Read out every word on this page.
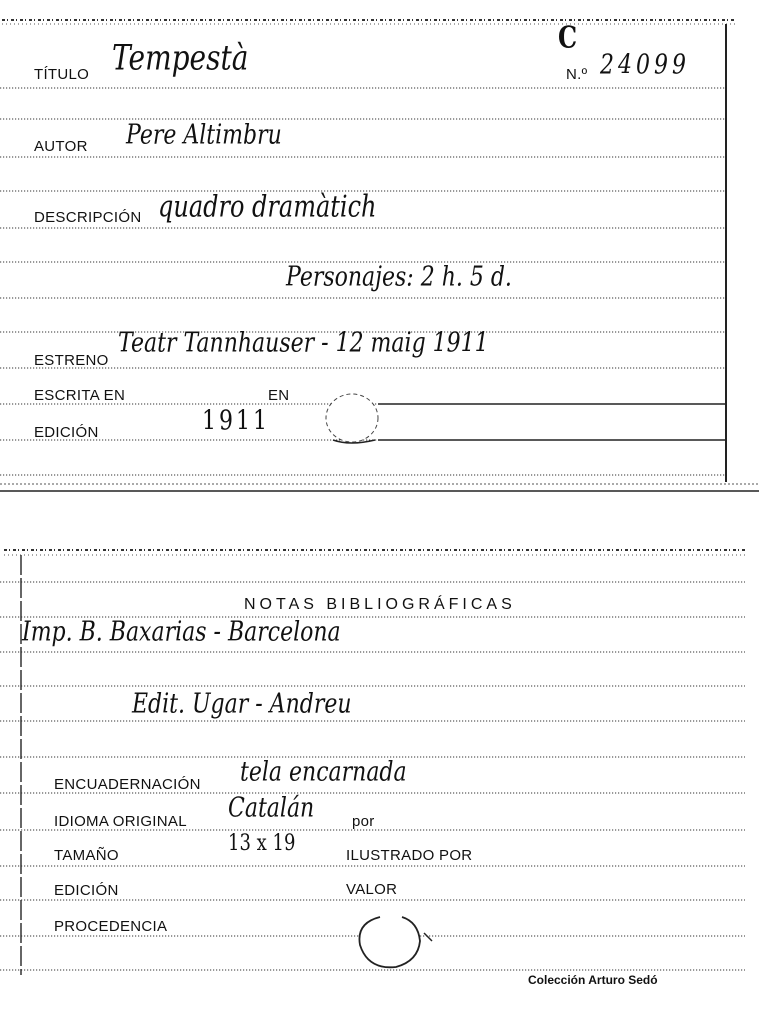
TÍTULO Tempestà	C
N.º 24099
AUTOR Pere Altimbru
DESCRIPCIÓN quadro dramàtich
Personajes: 2 h. 5 d.
ESTRENO
Teatr Tannhauser - 12 maig 1911
ESCRITA EN	EN
EDICIÓN	1911
NOTAS BIBLIOGRÁFICAS
Imp. B. Baxarias - Barcelona
Edit. Ugar - Andreu
ENCUADERNACIÓN tela encarnada
IDIOMA ORIGINAL Catalán	por
TAMAÑO	13 x 19	ILUSTRADO POR
EDICIÓN	VALOR
PROCEDENCIA
Colección Arturo Sedó
